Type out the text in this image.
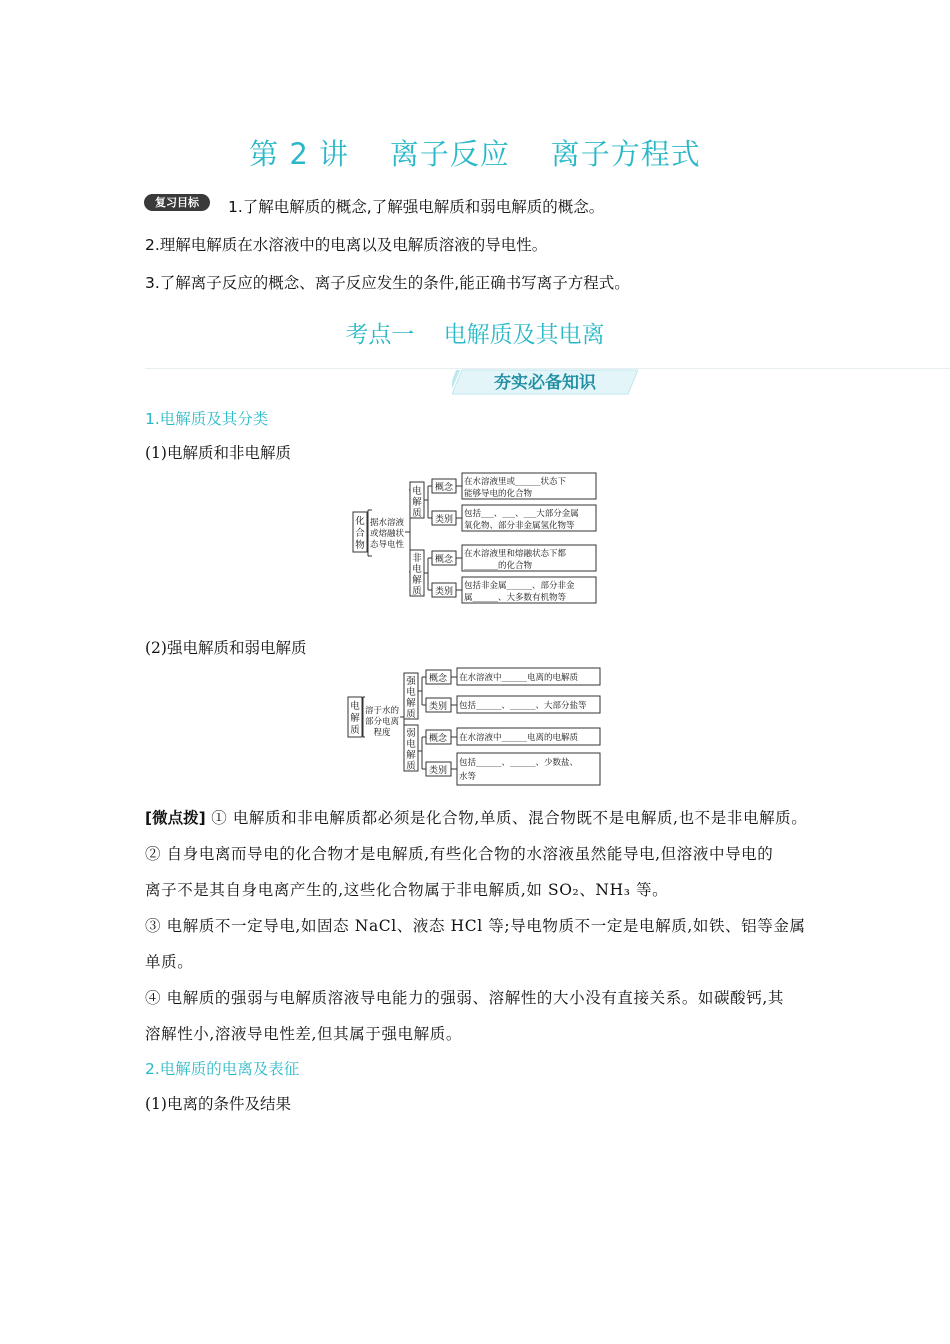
第 2 讲    离子反应    离子方程式
复习目标	1.了解电解质的概念,了解强电解质和弱电解质的概念。
2.理解电解质在水溶液中的电离以及电解质溶液的导电性。
3.了解离子反应的概念、离子反应发生的条件,能正确书写离子方程式。
考点一    电解质及其电离
夯实必备知识
1.电解质及其分类
(1)电解质和非电解质
化
合
物
据水溶液
或熔融状
态导电性
电
解
质
非
电
解
质
概念
类别
概念
类别
在水溶液里或______状态下
能够导电的化合物
包括___、___、___大部分金属
氧化物、部分非金属氢化物等
在水溶液里和熔融状态下都
________的化合物
包括非金属______、部分非金
属______、大多数有机物等
(2)强电解质和弱电解质
电
解
质
溶于水的
部分电离
程度
强
电
解
质
弱
电
解
质
概念
类别
概念
类别
在水溶液中______电离的电解质
包括______、______、大部分盐等
在水溶液中______电离的电解质
包括______、______、少数盐、
水等
[微点拨] ① 电解质和非电解质都必须是化合物,单质、混合物既不是电解质,也不是非电解质。
② 自身电离而导电的化合物才是电解质,有些化合物的水溶液虽然能导电,但溶液中导电的
离子不是其自身电离产生的,这些化合物属于非电解质,如 SO₂、NH₃ 等。
③ 电解质不一定导电,如固态 NaCl、液态 HCl 等;导电物质不一定是电解质,如铁、铝等金属
单质。
④ 电解质的强弱与电解质溶液导电能力的强弱、溶解性的大小没有直接关系。如碳酸钙,其
溶解性小,溶液导电性差,但其属于强电解质。
2.电解质的电离及表征
(1)电离的条件及结果
